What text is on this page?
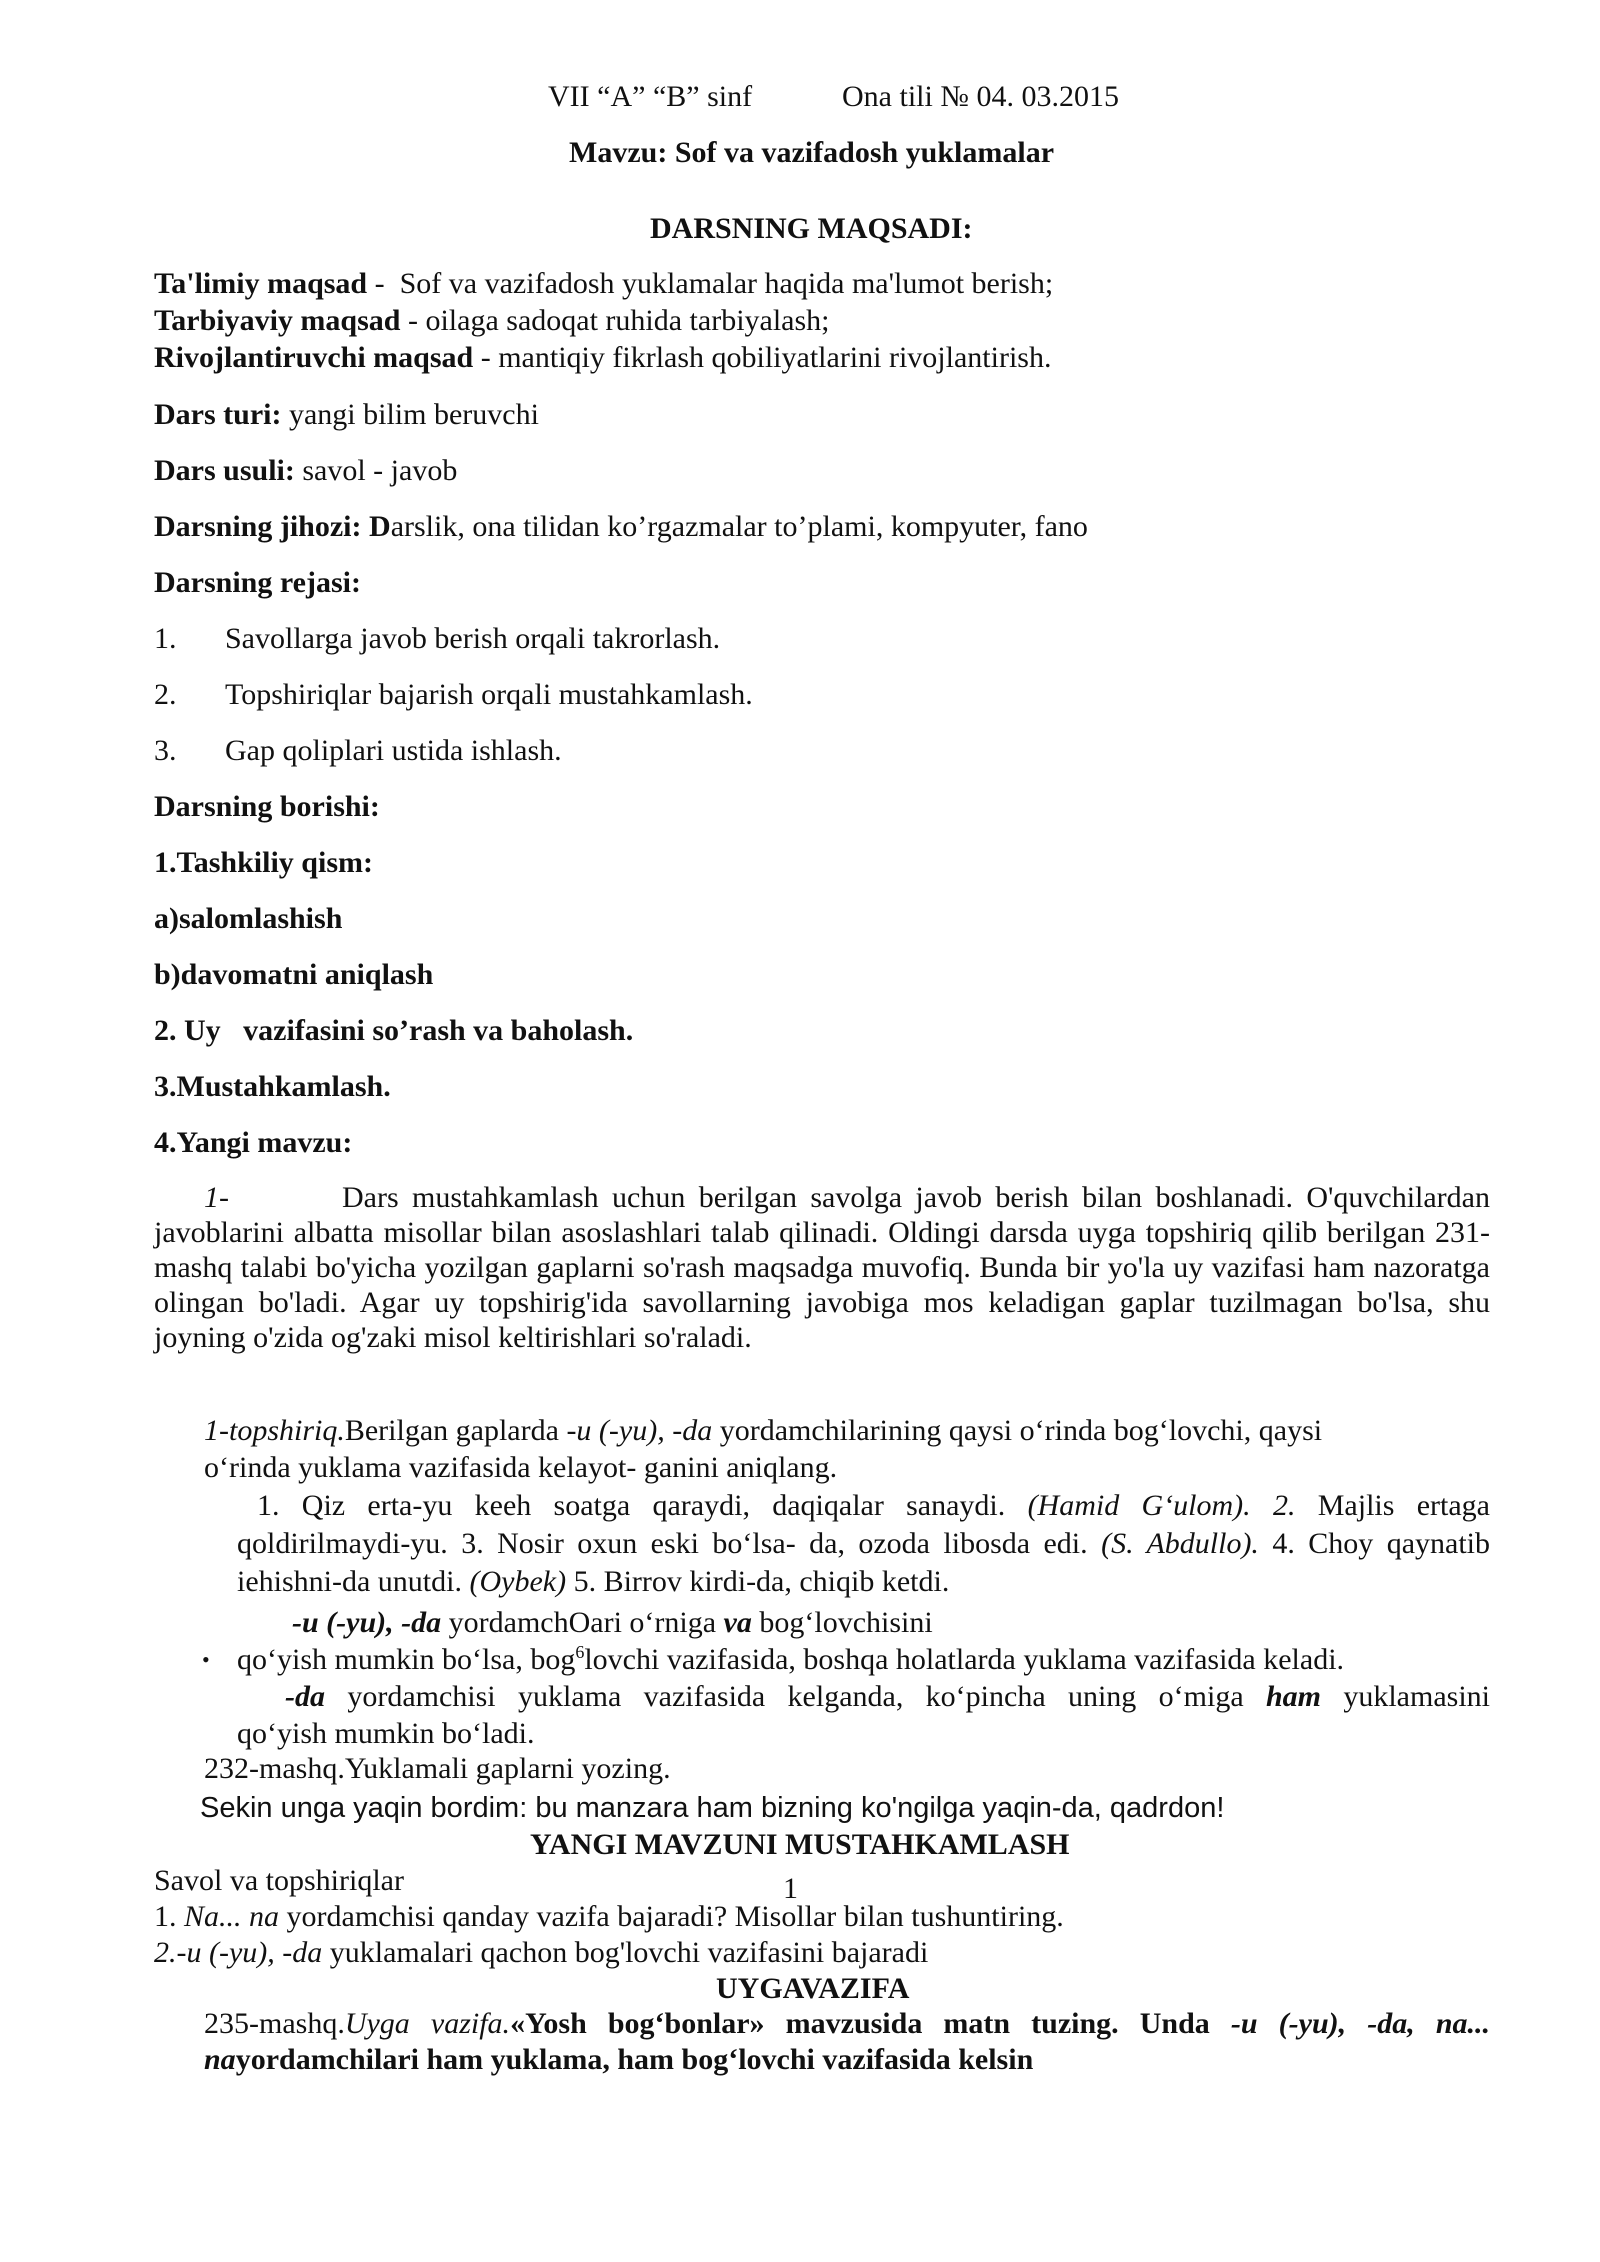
VII “A” “B” sinf	Ona tili № 04. 03.2015
Mavzu: Sof va vazifadosh yuklamalar
DARSNING MAQSADI:
Ta'limiy maqsad -  Sof va vazifadosh yuklamalar haqida ma'lumot berish;
Tarbiyaviy maqsad - oilaga sadoqat ruhida tarbiyalash;
Rivojlantiruvchi maqsad - mantiqiy fikrlash qobiliyatlarini rivojlantirish.
Dars turi: yangi bilim beruvchi
Dars usuli: savol - javob
Darsning jihozi: Darslik, ona tilidan ko’rgazmalar to’plami, kompyuter, fano
Darsning rejasi:
1. Savollarga javob berish orqali takrorlash.
2. Topshiriqlar bajarish orqali mustahkamlash.
3. Gap qoliplari ustida ishlash.
Darsning borishi:
1.Tashkiliy qism:
a)salomlashish
b)davomatni aniqlash
2. Uy   vazifasini so’rash va baholash.
3.Mustahkamlash.
4.Yangi mavzu:
1-	Dars mustahkamlash uchun berilgan savolga javob berish bilan boshlanadi. O'quvchilardan javoblarini albatta misollar bilan asoslashlari talab qilinadi. Oldingi darsda uyga topshiriq qilib berilgan 231-mashq talabi bo'yicha yozilgan gaplarni so'rash maqsadga muvofiq. Bunda bir yo'la uy vazifasi ham nazoratga olingan bo'ladi. Agar uy topshirig'ida savollarning javobiga mos keladigan gaplar tuzilmagan bo'lsa, shu joyning o'zida og'zaki misol keltirishlari so'raladi.
1-topshiriq.Berilgan gaplarda -u (-yu), -da yordamchilarining qaysi o‘rinda bog‘lovchi, qaysi
o‘rinda yuklama vazifasida kelayot- ganini aniqlang.
1. Qiz erta-yu keeh soatga qaraydi, daqiqalar sanaydi. (Hamid G‘ulom). 2. Majlis ertaga qoldirilmaydi-yu. 3. Nosir oxun eski bo‘lsa- da, ozoda libosda edi. (S. Abdullo). 4. Choy qaynatib iehishni-da unutdi. (Oybek) 5. Birrov kirdi-da, chiqib ketdi.
-u (-yu), -da yordamchOari o‘rniga va bog‘lovchisini
• qo‘yish mumkin bo‘lsa, bog$^6$lovchi vazifasida, boshqa holatlarda yuklama vazifasida keladi.
-da yordamchisi yuklama vazifasida kelganda, ko‘pincha uning o‘miga ham yuklamasini
qo‘yish mumkin bo‘ladi.
232-mashq.Yuklamali gaplarni yozing.
Sekin unga yaqin bordim: bu manzara ham bizning ko'ngilga yaqin-da, qadrdon!
YANGI MAVZUNI MUSTAHKAMLASH
Savol va topshiriqlar	1
1. Na... na yordamchisi qanday vazifa bajaradi? Misollar bilan tushuntiring.
2.-u (-yu), -da yuklamalari qachon bog'lovchi vazifasini bajaradi
UYGAVAZIFA
235-mashq.Uyga vazifa.«Yosh bog‘bonlar» mavzusida matn tuzing. Unda -u (-yu), -da, na... nayordamchilari ham yuklama, ham bog‘lovchi vazifasida kelsin
